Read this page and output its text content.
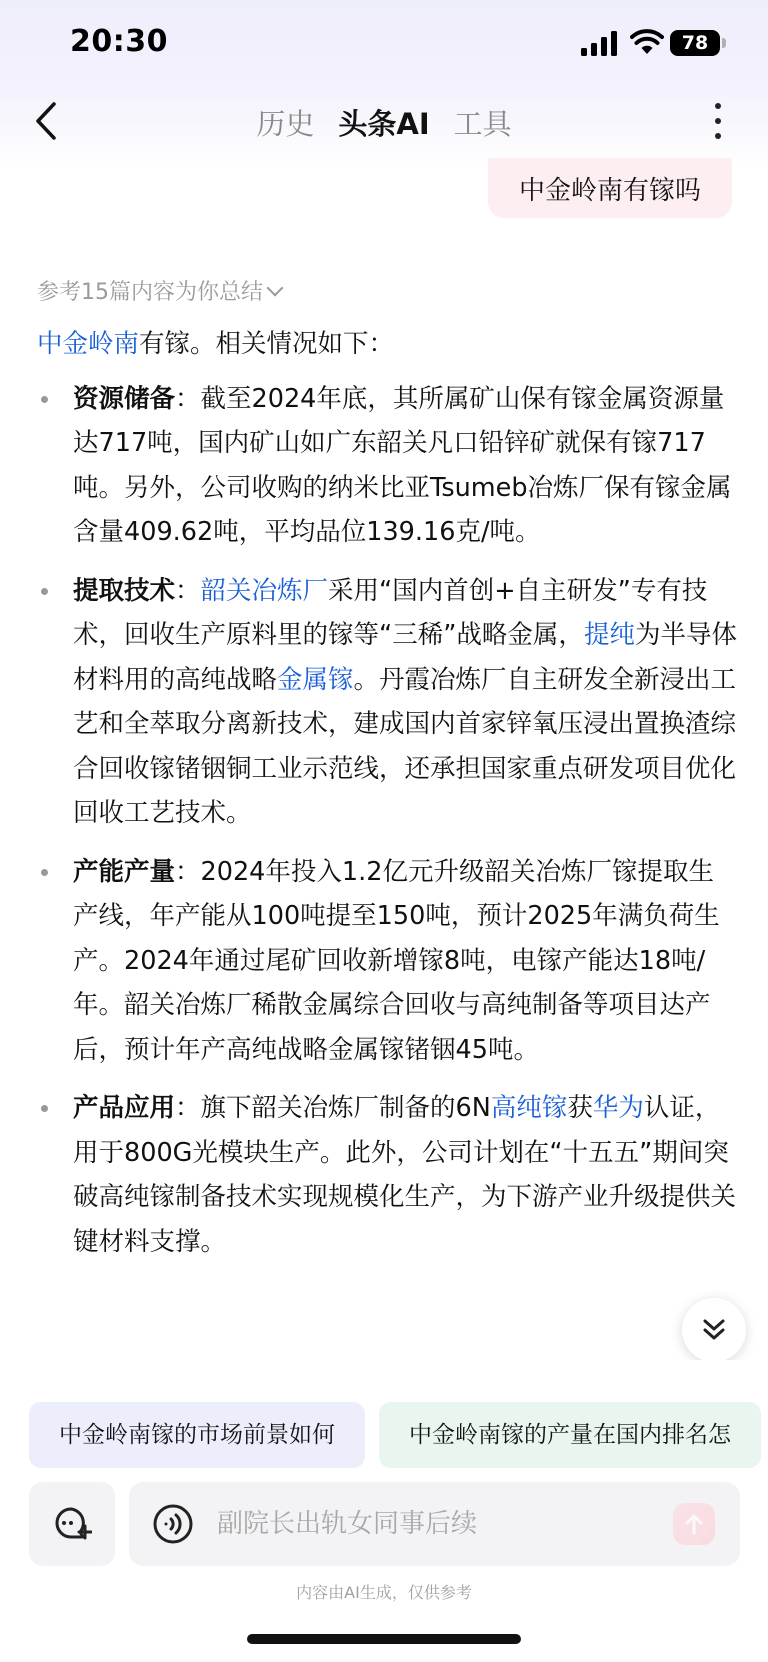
20:30	78
历史 头条AI 工具
中金岭南有镓吗
参考15篇内容为你总结
中金岭南有镓。相关情况如下：
资源储备：截至2024年底，其所属矿山保有镓金属资源量达717吨，国内矿山如广东韶关凡口铅锌矿就保有镓717吨。另外，公司收购的纳米比亚Tsumeb冶炼厂保有镓金属含量409.62吨，平均品位139.16克/吨。
提取技术：韶关冶炼厂采用“国内首创+自主研发”专有技术，回收生产原料里的镓等“三稀”战略金属，提纯为半导体材料用的高纯战略金属镓。丹霞冶炼厂自主研发全新浸出工艺和全萃取分离新技术，建成国内首家锌氧压浸出置换渣综合回收镓锗铟铜工业示范线，还承担国家重点研发项目优化回收工艺技术。
产能产量：2024年投入1.2亿元升级韶关冶炼厂镓提取生产线，年产能从100吨提至150吨，预计2025年满负荷生产。2024年通过尾矿回收新增镓8吨，电镓产能达18吨/年。韶关冶炼厂稀散金属综合回收与高纯制备等项目达产后，预计年产高纯战略金属镓锗铟45吨。
产品应用：旗下韶关冶炼厂制备的6N高纯镓获华为认证，用于800G光模块生产。此外，公司计划在“十五五”期间突破高纯镓制备技术实现规模化生产，为下游产业升级提供关键材料支撑。
中金岭南镓的市场前景如何	中金岭南镓的产量在国内排名怎
副院长出轨女同事后续
内容由AI生成，仅供参考
